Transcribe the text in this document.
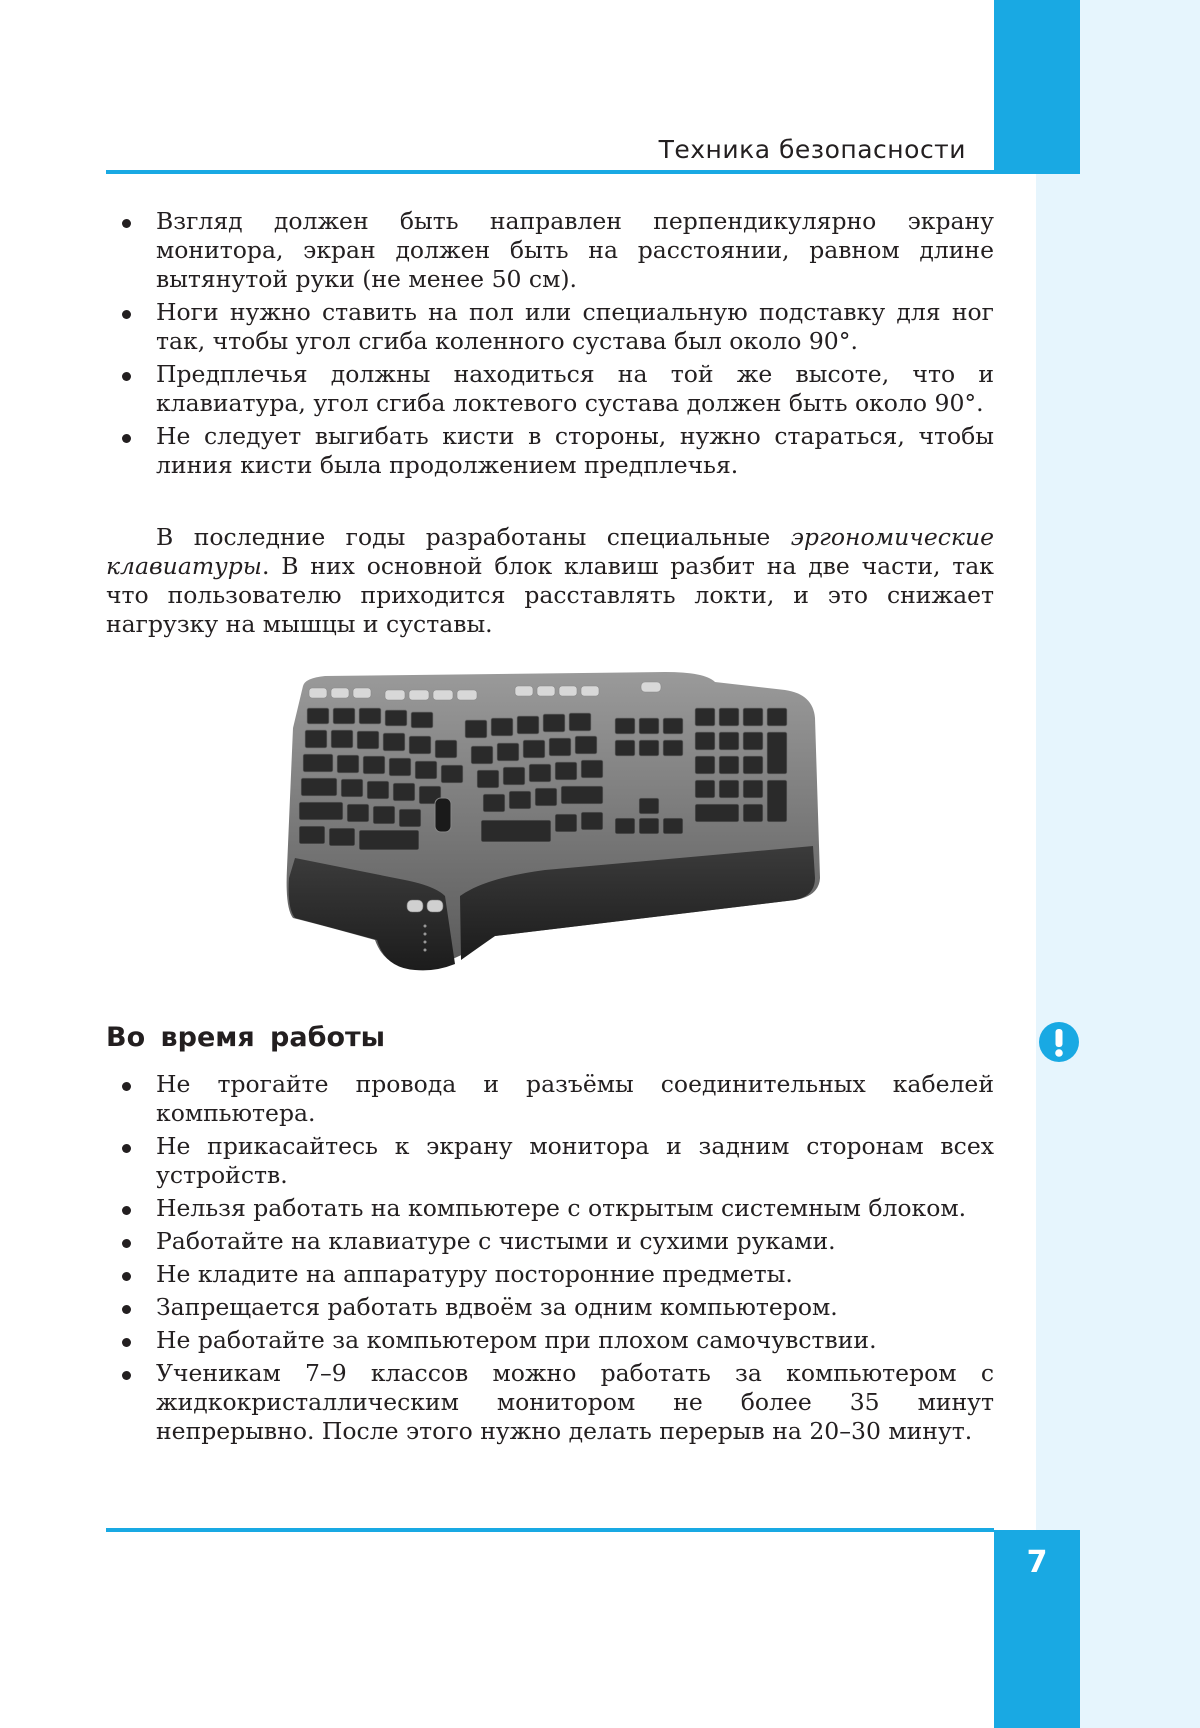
Техника безопасности
Взгляд должен быть направлен перпендикулярно экрану монитора, экран должен быть на расстоянии, равном длине вытянутой руки (не менее 50 см).
Ноги нужно ставить на пол или специальную подставку для ног так, чтобы угол сгиба коленного сустава был около 90°.
Предплечья должны находиться на той же высоте, что и клавиатура, угол сгиба локтевого сустава должен быть около 90°.
Не следует выгибать кисти в стороны, нужно стараться, чтобы линия кисти была продолжением предплечья.

В последние годы разработаны специальные эргономические клавиатуры. В них основной блок клавиш разбит на две части, так что пользователю приходится расставлять локти, и это снижает нагрузку на мышцы и суставы.

Во время работы
Не трогайте провода и разъёмы соединительных кабелей компьютера.
Не прикасайтесь к экрану монитора и задним сторонам всех устройств.
Нельзя работать на компьютере с открытым системным блоком.
Работайте на клавиатуре с чистыми и сухими руками.
Не кладите на аппаратуру посторонние предметы.
Запрещается работать вдвоём за одним компьютером.
Не работайте за компьютером при плохом самочувствии.
Ученикам 7–9 классов можно работать за компьютером с жидкокристаллическим монитором не более 35 минут непрерывно. После этого нужно делать перерыв на 20–30 минут.
7
